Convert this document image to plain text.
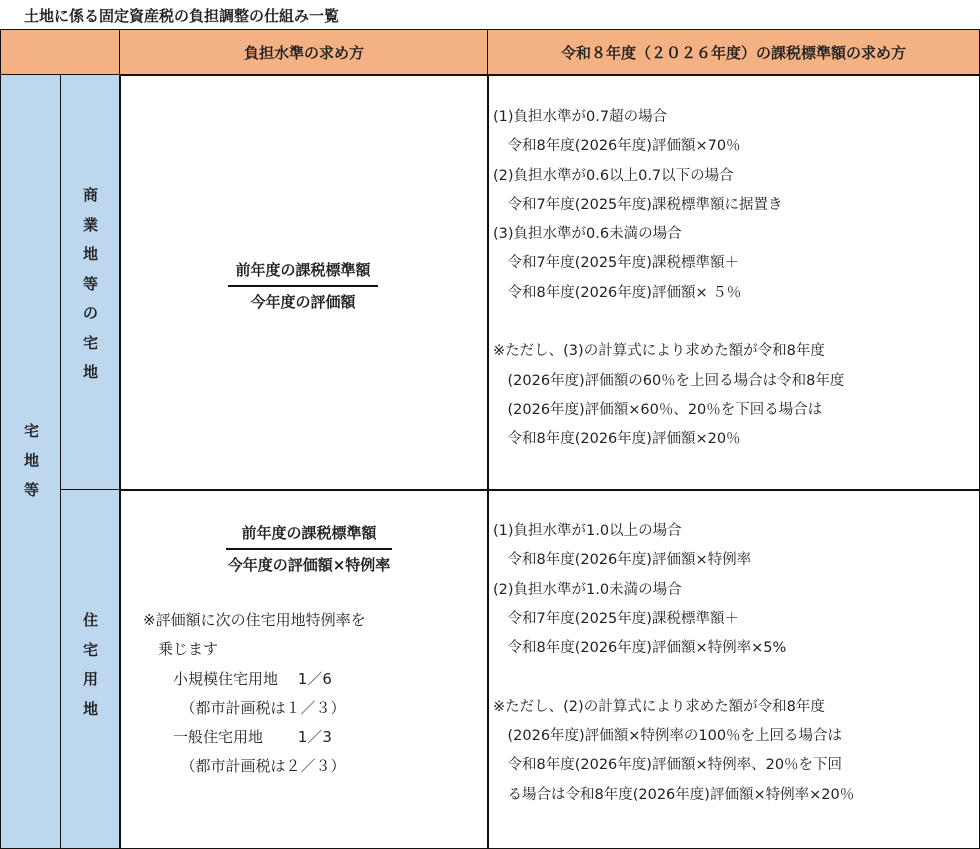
土地に係る固定資産税の負担調整の仕組み一覧
負担水準の求め方	令和８年度（２０２６年度）の課税標準額の求め方
宅地等
商
業
地
等
の
宅
地
住
宅
用
地
前年度の課税標準額
今年度の評価額
前年度の課税標準額
今年度の評価額×特例率
※評価額に次の住宅用地特例率を
　乗じます
　　小規模住宅用地　 1／6
　　　（都市計画税は１／３）
　　一般住宅用地　　 1／3
　　　（都市計画税は２／３）
(1)負担水準が0.7超の場合
　令和8年度(2026年度)評価額×70％
(2)負担水準が0.6以上0.7以下の場合
　令和7年度(2025年度)課税標準額に据置き
(3)負担水準が0.6未満の場合
　令和7年度(2025年度)課税標準額＋
　令和8年度(2026年度)評価額× ５％

※ただし、(3)の計算式により求めた額が令和8年度
　(2026年度)評価額の60％を上回る場合は令和8年度
　(2026年度)評価額×60％、20％を下回る場合は
　令和8年度(2026年度)評価額×20％
(1)負担水準が1.0以上の場合
　令和8年度(2026年度)評価額×特例率
(2)負担水準が1.0未満の場合
　令和7年度(2025年度)課税標準額＋
　令和8年度(2026年度)評価額×特例率×5%

※ただし、(2)の計算式により求めた額が令和8年度
　(2026年度)評価額×特例率の100％を上回る場合は
　令和8年度(2026年度)評価額×特例率、20％を下回
　る場合は令和8年度(2026年度)評価額×特例率×20％
